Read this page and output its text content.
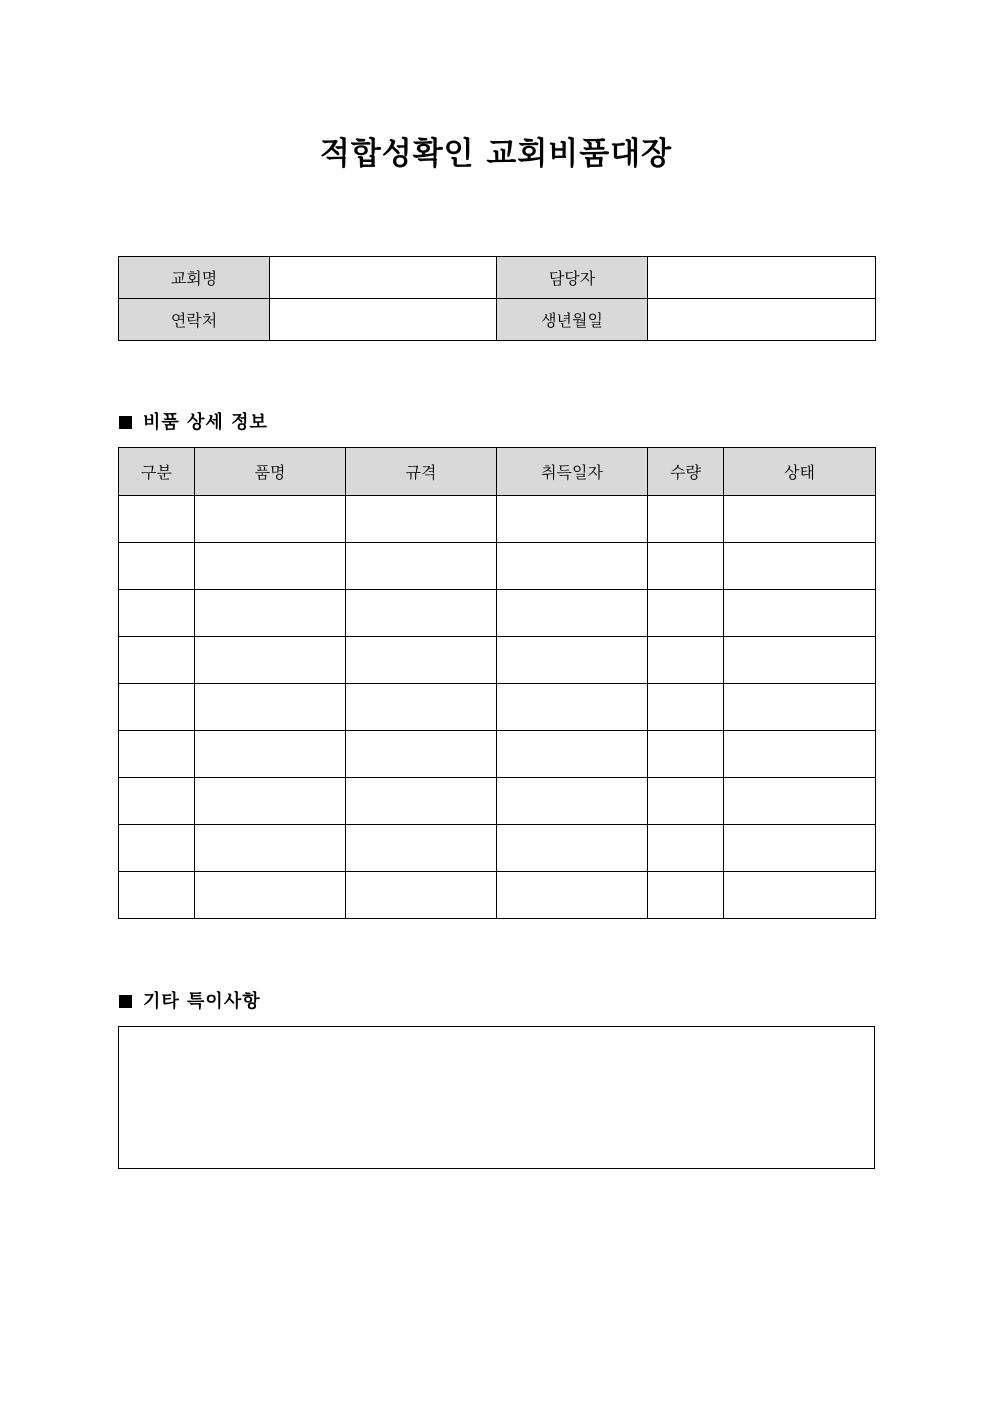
적합성확인 교회비품대장
교회명		담당자	
연락처		생년월일	
비품 상세 정보
구분	품명	규격	취득일자	수량	상태

기타 특이사항
